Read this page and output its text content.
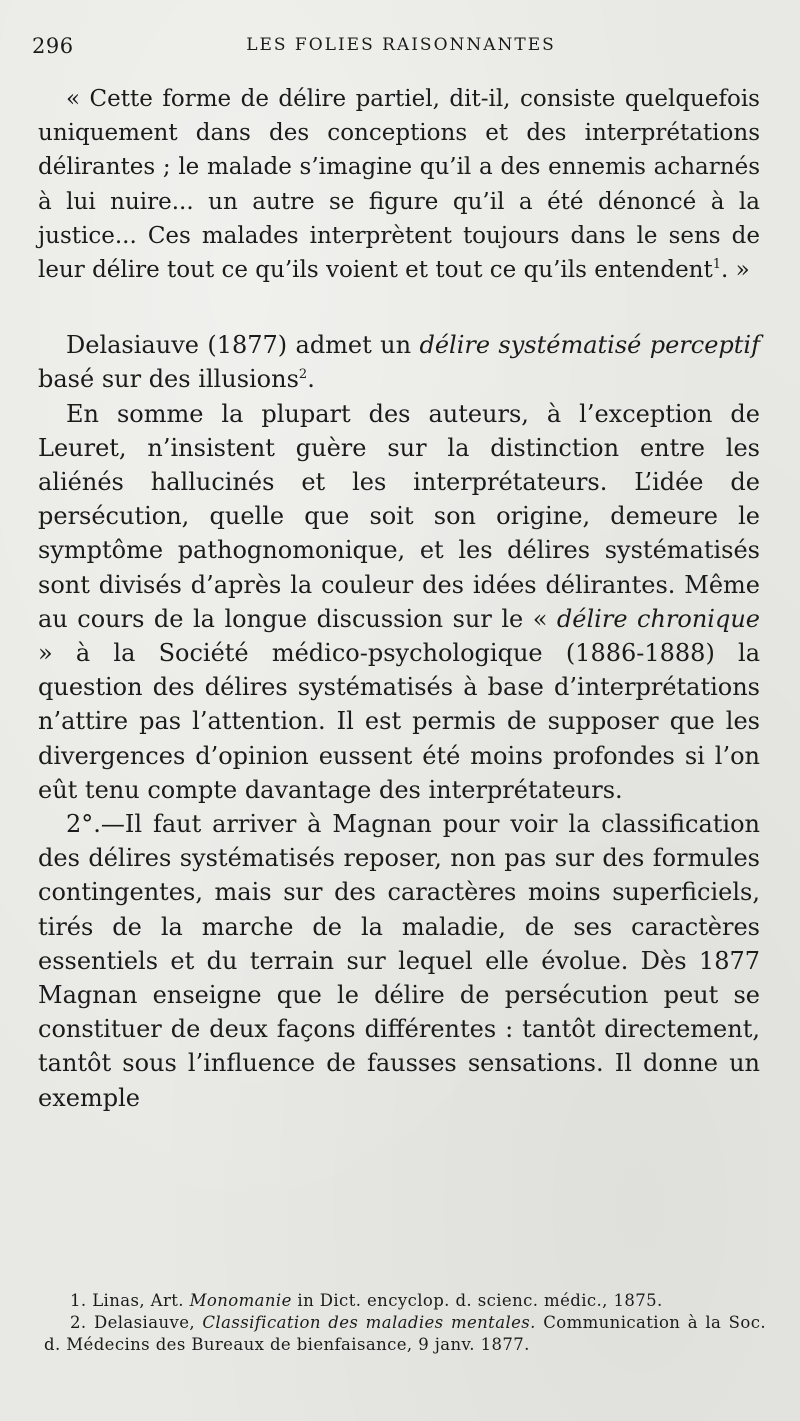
296	LES FOLIES RAISONNANTES

« Cette forme de délire partiel, dit-il, consiste quelquefois uniquement dans des conceptions et des interprétations délirantes ; le malade s’imagine qu’il a des ennemis acharnés à lui nuire... un autre se figure qu’il a été dénoncé à la justice... Ces malades interprètent toujours dans le sens de leur délire tout ce qu’ils voient et tout ce qu’ils entendent$^1$. »

Delasiauve (1877) admet un délire systématisé perceptif basé sur des illusions$^2$.

En somme la plupart des auteurs, à l’exception de Leuret, n’insistent guère sur la distinction entre les aliénés hallucinés et les interprétateurs. L’idée de persécution, quelle que soit son origine, demeure le symptôme pathognomonique, et les délires systématisés sont divisés d’après la couleur des idées délirantes. Même au cours de la longue discussion sur le « délire chronique » à la Société médico-psychologique (1886-1888) la question des délires systématisés à base d’interprétations n’attire pas l’attention. Il est permis de supposer que les divergences d’opinion eussent été moins profondes si l’on eût tenu compte davantage des interprétateurs.

2°.—Il faut arriver à Magnan pour voir la classification des délires systématisés reposer, non pas sur des formules contingentes, mais sur des caractères moins superficiels, tirés de la marche de la maladie, de ses caractères essentiels et du terrain sur lequel elle évolue. Dès 1877 Magnan enseigne que le délire de persécution peut se constituer de deux façons différentes : tantôt directement, tantôt sous l’influence de fausses sensations. Il donne un exemple

1. Linas, Art. Monomanie in Dict. encyclop. d. scienc. médic., 1875.

2. Delasiauve, Classification des maladies mentales. Communication à la Soc. d. Médecins des Bureaux de bienfaisance, 9 janv. 1877.
